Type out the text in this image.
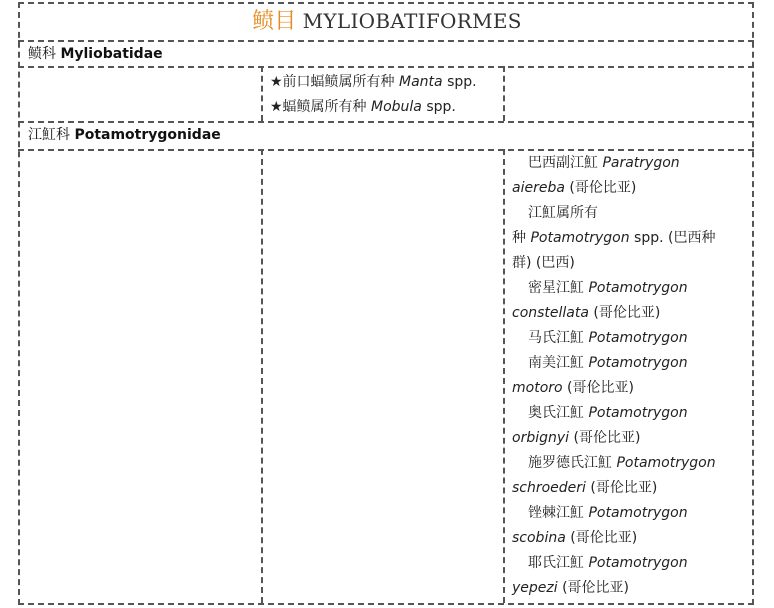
鲼目 MYLIOBATIFORMES
鲼科 Myliobatidae
★前口蝠鲼属所有种 Manta spp.
★蝠鲼属所有种 Mobula spp.
江魟科 Potamotrygonidae

巴西副江魟 Paratrygon

aiereba (哥伦比亚)

江魟属所有

种 Potamotrygon spp. (巴西种

群) (巴西)

密星江魟 Potamotrygon

constellata (哥伦比亚)

马氏江魟 Potamotrygon

南美江魟 Potamotrygon

motoro (哥伦比亚)

奥氏江魟 Potamotrygon

orbignyi (哥伦比亚)

施罗德氏江魟 Potamotrygon

schroederi (哥伦比亚)

锉棘江魟 Potamotrygon

scobina (哥伦比亚)

耶氏江魟 Potamotrygon

yepezi (哥伦比亚)
